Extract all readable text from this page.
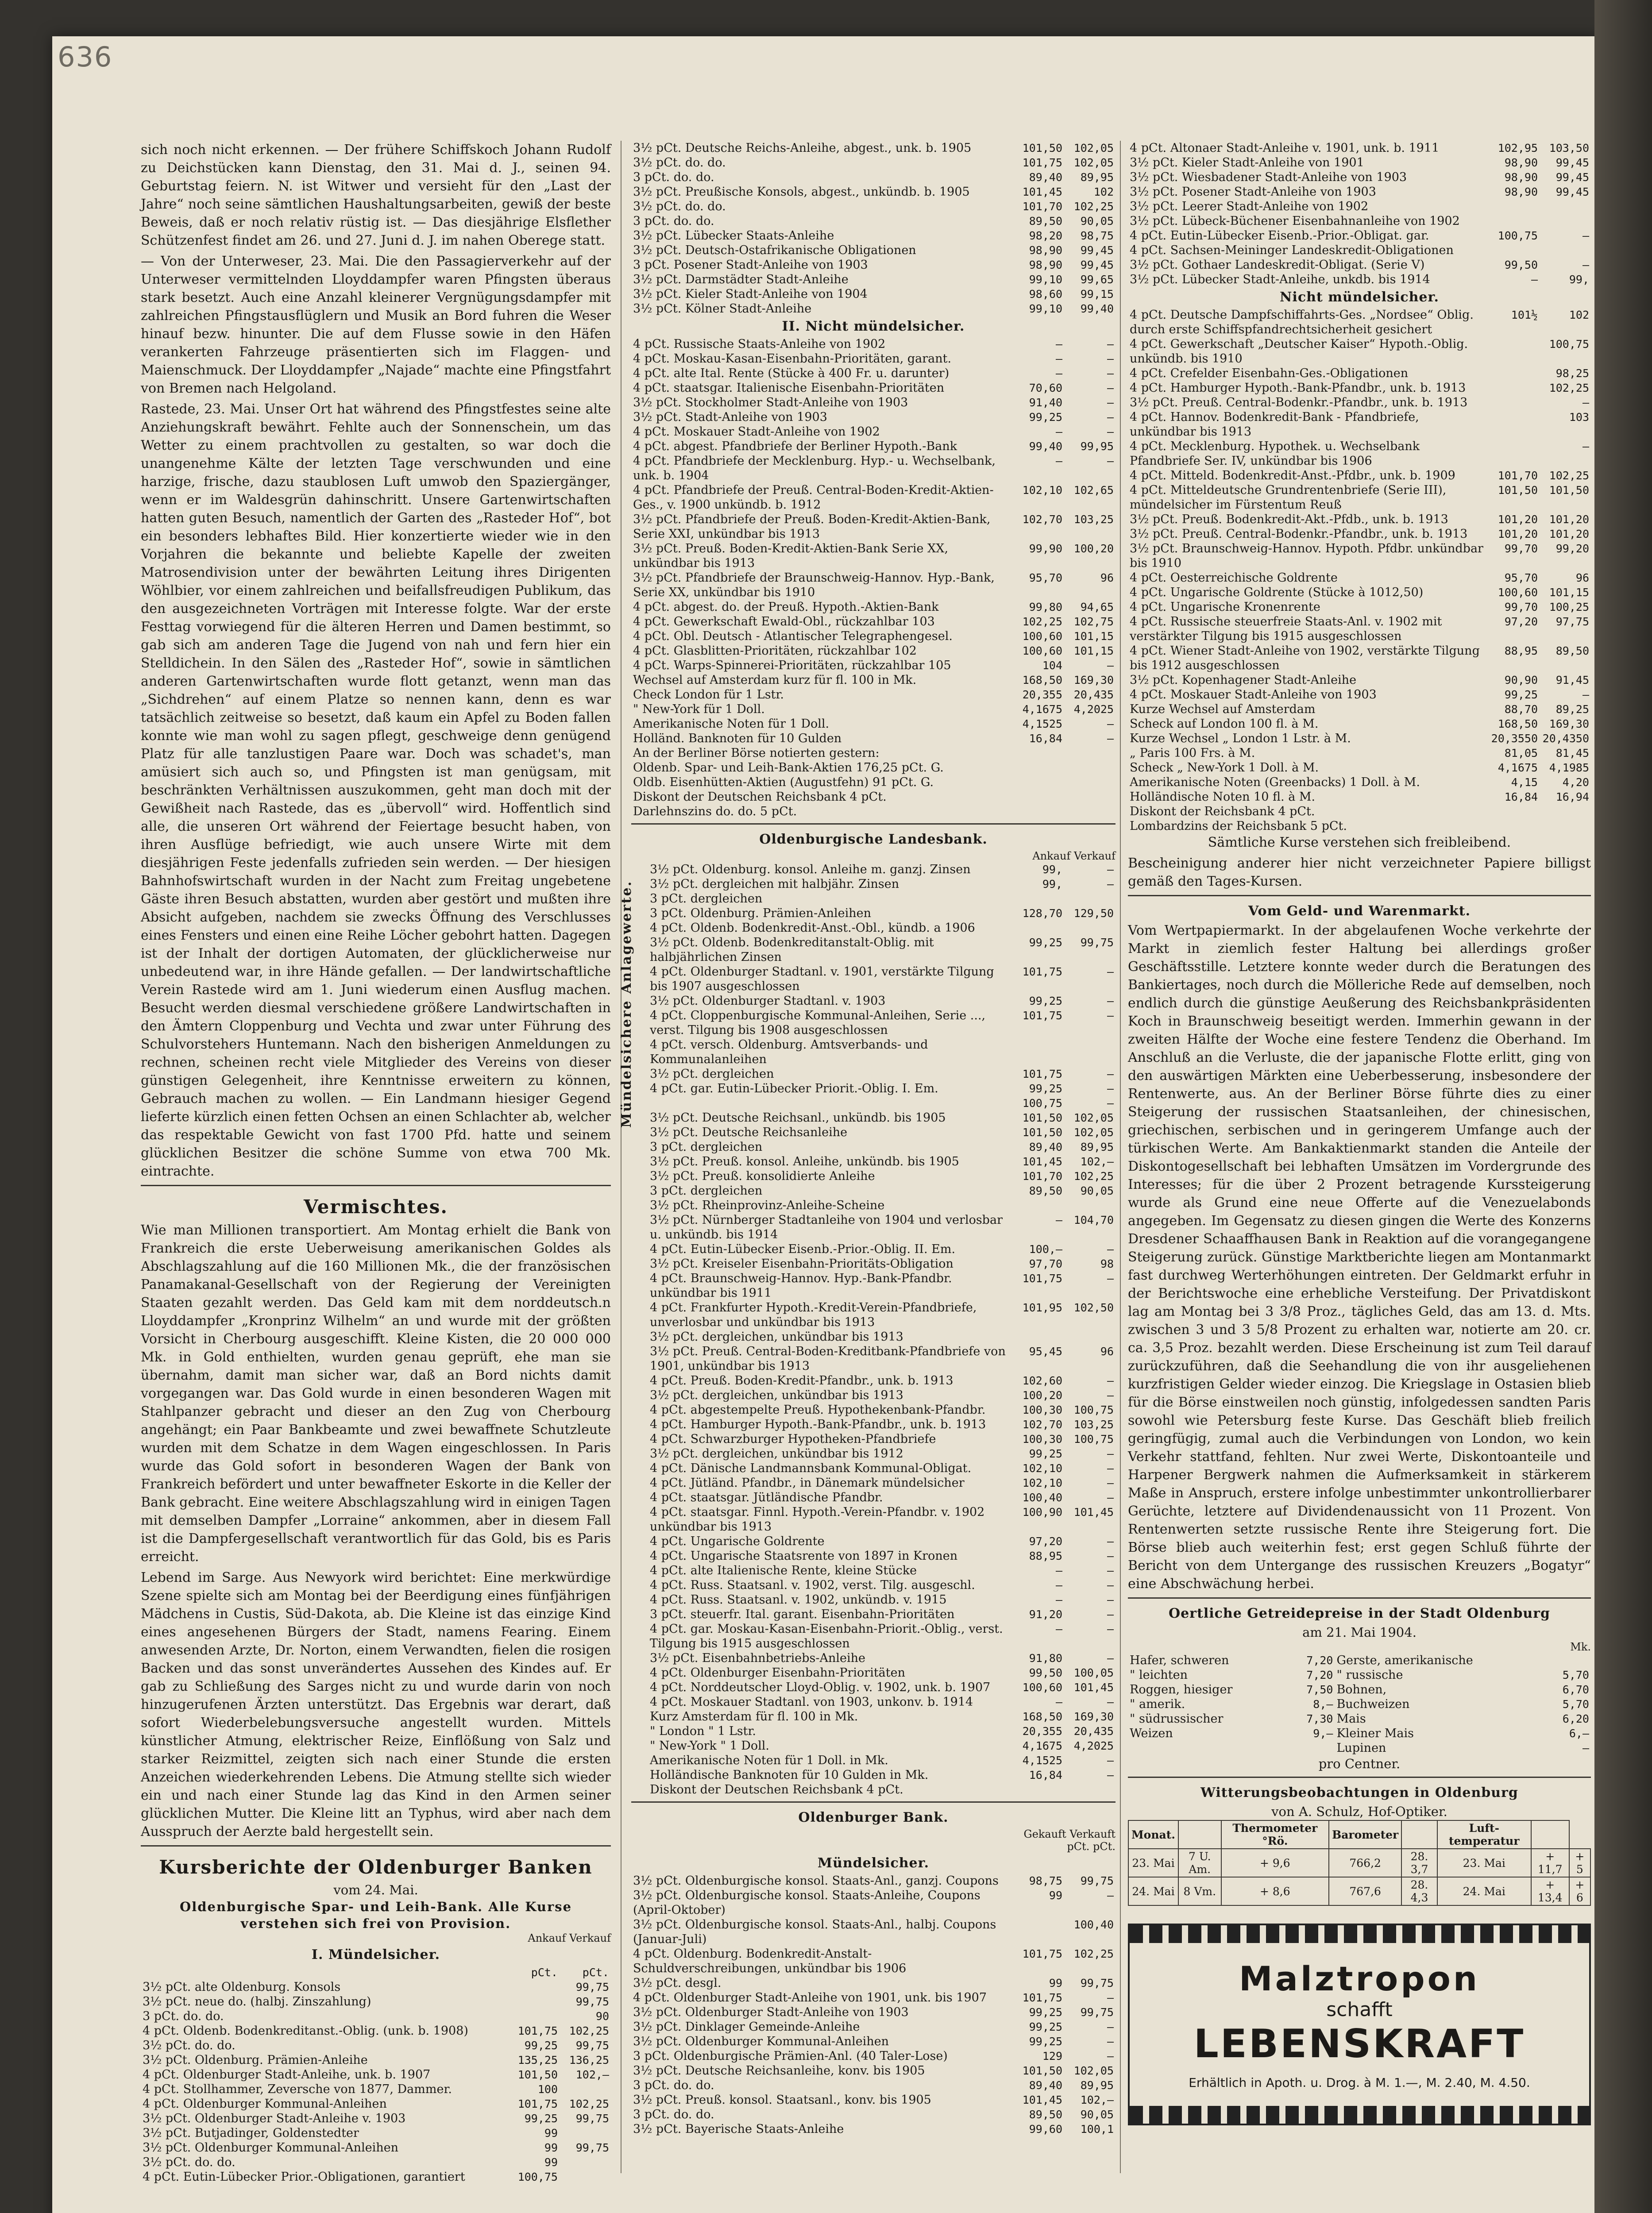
636

sich noch nicht erkennen. — Der frühere Schiffskoch Johann Rudolf zu Deichstücken kann Dienstag, den 31. Mai d. J., seinen 94. Geburtstag feiern. N. ist Witwer und versieht für den „Last der Jahre“ noch seine sämtlichen Haushaltungsarbeiten, gewiß der beste Beweis, daß er noch relativ rüstig ist. — Das diesjährige Elsflether Schützenfest findet am 26. und 27. Juni d. J. im nahen Oberege statt.

— Von der Unterweser, 23. Mai. Die den Passagierverkehr auf der Unterweser vermittelnden Lloyddampfer waren Pfingsten überaus stark besetzt. Auch eine Anzahl kleinerer Vergnügungsdampfer mit zahlreichen Pfingstausflüglern und Musik an Bord fuhren die Weser hinauf bezw. hinunter. Die auf dem Flusse sowie in den Häfen verankerten Fahrzeuge präsentierten sich im Flaggen- und Maienschmuck. Der Lloyddampfer „Najade“ machte eine Pfingstfahrt von Bremen nach Helgoland.

Rastede, 23. Mai. Unser Ort hat während des Pfingstfestes seine alte Anziehungskraft bewährt. Fehlte auch der Sonnenschein, um das Wetter zu einem prachtvollen zu gestalten, so war doch die unangenehme Kälte der letzten Tage verschwunden und eine harzige, frische, dazu staublosen Luft umwob den Spaziergänger, wenn er im Waldesgrün dahinschritt. Unsere Gartenwirtschaften hatten guten Besuch, namentlich der Garten des „Rasteder Hof“, bot ein besonders lebhaftes Bild. Hier konzertierte wieder wie in den Vorjahren die bekannte und beliebte Kapelle der zweiten Matrosendivision unter der bewährten Leitung ihres Dirigenten Wöhlbier, vor einem zahlreichen und beifallsfreudigen Publikum, das den ausgezeichneten Vorträgen mit Interesse folgte. War der erste Festtag vorwiegend für die älteren Herren und Damen bestimmt, so gab sich am anderen Tage die Jugend von nah und fern hier ein Stelldichein. In den Sälen des „Rasteder Hof“, sowie in sämtlichen anderen Gartenwirtschaften wurde flott getanzt, wenn man das „Sichdrehen“ auf einem Platze so nennen kann, denn es war tatsächlich zeitweise so besetzt, daß kaum ein Apfel zu Boden fallen konnte wie man wohl zu sagen pflegt, geschweige denn genügend Platz für alle tanzlustigen Paare war. Doch was schadet's, man amüsiert sich auch so, und Pfingsten ist man genügsam, mit beschränkten Verhältnissen auszukommen, geht man doch mit der Gewißheit nach Rastede, das es „übervoll“ wird. Hoffentlich sind alle, die unseren Ort während der Feiertage besucht haben, von ihren Ausflüge befriedigt, wie auch unsere Wirte mit dem diesjährigen Feste jedenfalls zufrieden sein werden. — Der hiesigen Bahnhofswirtschaft wurden in der Nacht zum Freitag ungebetene Gäste ihren Besuch abstatten, wurden aber gestört und mußten ihre Absicht aufgeben, nachdem sie zwecks Öffnung des Verschlusses eines Fensters und einen eine Reihe Löcher gebohrt hatten. Dagegen ist der Inhalt der dortigen Automaten, der glücklicherweise nur unbedeutend war, in ihre Hände gefallen. — Der landwirtschaftliche Verein Rastede wird am 1. Juni wiederum einen Ausflug machen. Besucht werden diesmal verschiedene größere Landwirtschaften in den Ämtern Cloppenburg und Vechta und zwar unter Führung des Schulvorstehers Huntemann. Nach den bisherigen Anmeldungen zu rechnen, scheinen recht viele Mitglieder des Vereins von dieser günstigen Gelegenheit, ihre Kenntnisse erweitern zu können, Gebrauch machen zu wollen. — Ein Landmann hiesiger Gegend lieferte kürzlich einen fetten Ochsen an einen Schlachter ab, welcher das respektable Gewicht von fast 1700 Pfd. hatte und seinem glücklichen Besitzer die schöne Summe von etwa 700 Mk. eintrachte.

Vermischtes.

Wie man Millionen transportiert. Am Montag erhielt die Bank von Frankreich die erste Ueberweisung amerikanischen Goldes als Abschlagszahlung auf die 160 Millionen Mk., die der französischen Panamakanal-Gesellschaft von der Regierung der Vereinigten Staaten gezahlt werden. Das Geld kam mit dem norddeutsch.n Lloyddampfer „Kronprinz Wilhelm“ an und wurde mit der größten Vorsicht in Cherbourg ausgeschifft. Kleine Kisten, die 20 000 000 Mk. in Gold enthielten, wurden genau geprüft, ehe man sie übernahm, damit man sicher war, daß an Bord nichts damit vorgegangen war. Das Gold wurde in einen besonderen Wagen mit Stahlpanzer gebracht und dieser an den Zug von Cherbourg angehängt; ein Paar Bankbeamte und zwei bewaffnete Schutzleute wurden mit dem Schatze in dem Wagen eingeschlossen. In Paris wurde das Gold sofort in besonderen Wagen der Bank von Frankreich befördert und unter bewaffneter Eskorte in die Keller der Bank gebracht. Eine weitere Abschlagszahlung wird in einigen Tagen mit demselben Dampfer „Lorraine“ ankommen, aber in diesem Fall ist die Dampfergesellschaft verantwortlich für das Gold, bis es Paris erreicht.

Lebend im Sarge. Aus Newyork wird berichtet: Eine merkwürdige Szene spielte sich am Montag bei der Beerdigung eines fünfjährigen Mädchens in Custis, Süd-Dakota, ab. Die Kleine ist das einzige Kind eines angesehenen Bürgers der Stadt, namens Fearing. Einem anwesenden Arzte, Dr. Norton, einem Verwandten, fielen die rosigen Backen und das sonst unverändertes Aussehen des Kindes auf. Er gab zu Schließung des Sarges nicht zu und wurde darin von noch hinzugerufenen Ärzten unterstützt. Das Ergebnis war derart, daß sofort Wiederbelebungsversuche angestellt wurden. Mittels künstlicher Atmung, elektrischer Reize, Einflößung von Salz und starker Reizmittel, zeigten sich nach einer Stunde die ersten Anzeichen wiederkehrenden Lebens. Die Atmung stellte sich wieder ein und nach einer Stunde lag das Kind in den Armen seiner glücklichen Mutter. Die Kleine litt an Typhus, wird aber nach dem Ausspruch der Aerzte bald hergestellt sein.

Kursberichte der Oldenburger Banken
vom 24. Mai.
Oldenburgische Spar- und Leih-Bank. Alle Kurse verstehen sich frei von Provision.
Ankauf Verkauf
I. Mündelsicher.
	pCt.	pCt.
3½ pCt. alte Oldenburg. Konsols		99,75
3½ pCt. neue do. (halbj. Zinszahlung)		99,75
3 pCt. do. do.		90
4 pCt. Oldenb. Bodenkreditanst.-Oblig. (unk. b. 1908)	101,75	102,25
3½ pCt. do. do.	99,25	99,75
3½ pCt. Oldenburg. Prämien-Anleihe	135,25	136,25
4 pCt. Oldenburger Stadt-Anleihe, unk. b. 1907	101,50	102,—
4 pCt. Stollhammer, Zeversche von 1877, Dammer.	100	
4 pCt. Oldenburger Kommunal-Anleihen	101,75	102,25
3½ pCt. Oldenburger Stadt-Anleihe v. 1903	99,25	99,75
3½ pCt. Butjadinger, Goldenstedter	99	
3½ pCt. Oldenburger Kommunal-Anleihen	99	99,75
3½ pCt. do. do.	99	
4 pCt. Eutin-Lübecker Prior.-Obligationen, garantiert	100,75	
3½ pCt. Deutsche Reichs-Anleihe, abgest., unk. b. 1905	101,50	102,05
3½ pCt. do. do.	101,75	102,05
3 pCt. do. do.	89,40	89,95
3½ pCt. Preußische Konsols, abgest., unkündb. b. 1905	101,45	102
3½ pCt. do. do.	101,70	102,25
3 pCt. do. do.	89,50	90,05
3½ pCt. Lübecker Staats-Anleihe	98,20	98,75
3½ pCt. Deutsch-Ostafrikanische Obligationen	98,90	99,45
3 pCt. Posener Stadt-Anleihe von 1903	98,90	99,45
3½ pCt. Darmstädter Stadt-Anleihe	99,10	99,65
3½ pCt. Kieler Stadt-Anleihe von 1904	98,60	99,15
3½ pCt. Kölner Stadt-Anleihe	99,10	99,40
II. Nicht mündelsicher.
4 pCt. Russische Staats-Anleihe von 1902	—	—
4 pCt. Moskau-Kasan-Eisenbahn-Prioritäten, garant.	—	—
4 pCt. alte Ital. Rente (Stücke à 400 Fr. u. darunter)	—	—
4 pCt. staatsgar. Italienische Eisenbahn-Prioritäten	70,60	—
3½ pCt. Stockholmer Stadt-Anleihe von 1903	91,40	—
3½ pCt. Stadt-Anleihe von 1903	99,25	—
4 pCt. Moskauer Stadt-Anleihe von 1902	—	—
4 pCt. abgest. Pfandbriefe der Berliner Hypoth.-Bank	99,40	99,95
4 pCt. Pfandbriefe der Mecklenburg. Hyp.- u. Wechselbank, unk. b. 1904	—	—
4 pCt. Pfandbriefe der Preuß. Central-Boden-Kredit-Aktien-Ges., v. 1900 unkündb. b. 1912	102,10	102,65
3½ pCt. Pfandbriefe der Preuß. Boden-Kredit-Aktien-Bank, Serie XXI, unkündbar bis 1913	102,70	103,25
3½ pCt. Preuß. Boden-Kredit-Aktien-Bank Serie XX, unkündbar bis 1913	99,90	100,20
3½ pCt. Pfandbriefe der Braunschweig-Hannov. Hyp.-Bank, Serie XX, unkündbar bis 1910	95,70	96
4 pCt. abgest. do. der Preuß. Hypoth.-Aktien-Bank	99,80	94,65
4 pCt. Gewerkschaft Ewald-Obl., rückzahlbar 103	102,25	102,75
4 pCt. Obl. Deutsch - Atlantischer Telegraphengesel.	100,60	101,15
4 pCt. Glasblitten-Prioritäten, rückzahlbar 102	100,60	101,15
4 pCt. Warps-Spinnerei-Prioritäten, rückzahlbar 105	104	—
Wechsel auf Amsterdam kurz für fl. 100 in Mk.	168,50	169,30
Check London für 1 Lstr.	20,355	20,435
" New-York für 1 Doll.	4,1675	4,2025
Amerikanische Noten für 1 Doll.	4,1525	—
Holländ. Banknoten für 10 Gulden	16,84	—
An der Berliner Börse notierten gestern:		
Oldenb. Spar- und Leih-Bank-Aktien 176,25 pCt. G.		
Oldb. Eisenhütten-Aktien (Augustfehn) 91 pCt. G.		
Diskont der Deutschen Reichsbank 4 pCt.		
Darlehnszins do. do. 5 pCt.		
Oldenburgische Landesbank.
Ankauf Verkauf
Mündelsichere Anlagewerte.
3½ pCt. Oldenburg. konsol. Anleihe m. ganzj. Zinsen	99,	—
3½ pCt. dergleichen mit halbjähr. Zinsen	99,	—
3 pCt. dergleichen		
3 pCt. Oldenburg. Prämien-Anleihen	128,70	129,50
4 pCt. Oldenb. Bodenkredit-Anst.-Obl., kündb. a 1906		
3½ pCt. Oldenb. Bodenkreditanstalt-Oblig. mit halbjährlichen Zinsen	99,25	99,75
4 pCt. Oldenburger Stadtanl. v. 1901, verstärkte Tilgung bis 1907 ausgeschlossen	101,75	—
3½ pCt. Oldenburger Stadtanl. v. 1903	99,25	—
4 pCt. Cloppenburgische Kommunal-Anleihen, Serie ..., verst. Tilgung bis 1908 ausgeschlossen	101,75	—
4 pCt. versch. Oldenburg. Amtsverbands- und Kommunalanleihen		
3½ pCt. dergleichen	101,75	—
4 pCt. gar. Eutin-Lübecker Priorit.-Oblig. I. Em.	99,25	—
	100,75	—
3½ pCt. Deutsche Reichsanl., unkündb. bis 1905	101,50	102,05
3½ pCt. Deutsche Reichsanleihe	101,50	102,05
3 pCt. dergleichen	89,40	89,95
3½ pCt. Preuß. konsol. Anleihe, unkündb. bis 1905	101,45	102,—
3½ pCt. Preuß. konsolidierte Anleihe	101,70	102,25
3 pCt. dergleichen	89,50	90,05
3½ pCt. Rheinprovinz-Anleihe-Scheine		
3½ pCt. Nürnberger Stadtanleihe von 1904 und verlosbar u. unkündb. bis 1914	—	104,70
4 pCt. Eutin-Lübecker Eisenb.-Prior.-Oblig. II. Em.	100,—	—
3½ pCt. Kreiseler Eisenbahn-Prioritäts-Obligation	97,70	98
4 pCt. Braunschweig-Hannov. Hyp.-Bank-Pfandbr. unkündbar bis 1911	101,75	—
4 pCt. Frankfurter Hypoth.-Kredit-Verein-Pfandbriefe, unverlosbar und unkündbar bis 1913	101,95	102,50
3½ pCt. dergleichen, unkündbar bis 1913		
3½ pCt. Preuß. Central-Boden-Kreditbank-Pfandbriefe von 1901, unkündbar bis 1913	95,45	96
4 pCt. Preuß. Boden-Kredit-Pfandbr., unk. b. 1913	102,60	—
3½ pCt. dergleichen, unkündbar bis 1913	100,20	—
4 pCt. abgestempelte Preuß. Hypothekenbank-Pfandbr.	100,30	100,75
4 pCt. Hamburger Hypoth.-Bank-Pfandbr., unk. b. 1913	102,70	103,25
4 pCt. Schwarzburger Hypotheken-Pfandbriefe	100,30	100,75
3½ pCt. dergleichen, unkündbar bis 1912	99,25	—
4 pCt. Dänische Landmannsbank Kommunal-Obligat.	102,10	—
4 pCt. Jütländ. Pfandbr., in Dänemark mündelsicher	102,10	—
4 pCt. staatsgar. Jütländische Pfandbr.	100,40	—
4 pCt. staatsgar. Finnl. Hypoth.-Verein-Pfandbr. v. 1902 unkündbar bis 1913	100,90	101,45
4 pCt. Ungarische Goldrente	97,20	—
4 pCt. Ungarische Staatsrente von 1897 in Kronen	88,95	—
4 pCt. alte Italienische Rente, kleine Stücke	—	—
4 pCt. Russ. Staatsanl. v. 1902, verst. Tilg. ausgeschl.	—	—
4 pCt. Russ. Staatsanl. v. 1902, unkündb. v. 1915	—	—
3 pCt. steuerfr. Ital. garant. Eisenbahn-Prioritäten	91,20	—
4 pCt. gar. Moskau-Kasan-Eisenbahn-Priorit.-Oblig., verst. Tilgung bis 1915 ausgeschlossen	—	—
3½ pCt. Eisenbahnbetriebs-Anleihe	91,80	—
4 pCt. Oldenburger Eisenbahn-Prioritäten	99,50	100,05
4 pCt. Norddeutscher Lloyd-Oblig. v. 1902, unk. b. 1907	100,60	101,45
4 pCt. Moskauer Stadtanl. von 1903, unkonv. b. 1914	—	—
Kurz Amsterdam für fl. 100 in Mk.	168,50	169,30
" London " 1 Lstr.	20,355	20,435
" New-York " 1 Doll.	4,1675	4,2025
Amerikanische Noten für 1 Doll. in Mk.	4,1525	—
Holländische Banknoten für 10 Gulden in Mk.	16,84	—
Diskont der Deutschen Reichsbank 4 pCt.		
Oldenburger Bank.
Gekauft Verkauft
pCt. pCt.
Mündelsicher.
3½ pCt. Oldenburgische konsol. Staats-Anl., ganzj. Coupons	98,75	99,75
3½ pCt. Oldenburgische konsol. Staats-Anleihe, Coupons (April-Oktober)	99	—
3½ pCt. Oldenburgische konsol. Staats-Anl., halbj. Coupons (Januar-Juli)		100,40
4 pCt. Oldenburg. Bodenkredit-Anstalt-Schuldverschreibungen, unkündbar bis 1906	101,75	102,25
3½ pCt. desgl.	99	99,75
4 pCt. Oldenburger Stadt-Anleihe von 1901, unk. bis 1907	101,75	—
3½ pCt. Oldenburger Stadt-Anleihe von 1903	99,25	99,75
3½ pCt. Dinklager Gemeinde-Anleihe	99,25	—
3½ pCt. Oldenburger Kommunal-Anleihen	99,25	—
3 pCt. Oldenburgische Prämien-Anl. (40 Taler-Lose)	129	—
3½ pCt. Deutsche Reichsanleihe, konv. bis 1905	101,50	102,05
3 pCt. do. do.	89,40	89,95
3½ pCt. Preuß. konsol. Staatsanl., konv. bis 1905	101,45	102,—
3 pCt. do. do.	89,50	90,05
3½ pCt. Bayerische Staats-Anleihe	99,60	100,1
4 pCt. Altonaer Stadt-Anleihe v. 1901, unk. b. 1911	102,95	103,50
3½ pCt. Kieler Stadt-Anleihe von 1901	98,90	99,45
3½ pCt. Wiesbadener Stadt-Anleihe von 1903	98,90	99,45
3½ pCt. Posener Stadt-Anleihe von 1903	98,90	99,45
3½ pCt. Leerer Stadt-Anleihe von 1902		
3½ pCt. Lübeck-Büchener Eisenbahnanleihe von 1902		
4 pCt. Eutin-Lübecker Eisenb.-Prior.-Obligat. gar.	100,75	—
4 pCt. Sachsen-Meininger Landeskredit-Obligationen		
3½ pCt. Gothaer Landeskredit-Obligat. (Serie V)	99,50	—
3½ pCt. Lübecker Stadt-Anleihe, unkdb. bis 1914	—	99,
Nicht mündelsicher.
4 pCt. Deutsche Dampfschiffahrts-Ges. „Nordsee“ Oblig. durch erste Schiffspfandrechtsicherheit gesichert	101½	102
4 pCt. Gewerkschaft „Deutscher Kaiser“ Hypoth.-Oblig. unkündb. bis 1910		100,75
4 pCt. Crefelder Eisenbahn-Ges.-Obligationen		98,25
4 pCt. Hamburger Hypoth.-Bank-Pfandbr., unk. b. 1913		102,25
3½ pCt. Preuß. Central-Bodenkr.-Pfandbr., unk. b. 1913		—
4 pCt. Hannov. Bodenkredit-Bank - Pfandbriefe, unkündbar bis 1913		103
4 pCt. Mecklenburg. Hypothek. u. Wechselbank Pfandbriefe Ser. IV, unkündbar bis 1906		—
4 pCt. Mitteld. Bodenkredit-Anst.-Pfdbr., unk. b. 1909	101,70	102,25
4 pCt. Mitteldeutsche Grundrentenbriefe (Serie III), mündelsicher im Fürstentum Reuß	101,50	101,50
3½ pCt. Preuß. Bodenkredit-Akt.-Pfdb., unk. b. 1913	101,20	101,20
3½ pCt. Preuß. Central-Bodenkr.-Pfandbr., unk. b. 1913	101,20	101,20
3½ pCt. Braunschweig-Hannov. Hypoth. Pfdbr. unkündbar bis 1910	99,70	99,20
4 pCt. Oesterreichische Goldrente	95,70	96
4 pCt. Ungarische Goldrente (Stücke à 1012,50)	100,60	101,15
4 pCt. Ungarische Kronenrente	99,70	100,25
4 pCt. Russische steuerfreie Staats-Anl. v. 1902 mit verstärkter Tilgung bis 1915 ausgeschlossen	97,20	97,75
4 pCt. Wiener Stadt-Anleihe von 1902, verstärkte Tilgung bis 1912 ausgeschlossen	88,95	89,50
3½ pCt. Kopenhagener Stadt-Anleihe	90,90	91,45
4 pCt. Moskauer Stadt-Anleihe von 1903	99,25	—
Kurze Wechsel auf Amsterdam	88,70	89,25
Scheck auf London 100 fl. à M.	168,50	169,30
Kurze Wechsel „ London 1 Lstr. à M.	20,3550	20,4350
„ Paris 100 Frs. à M.	81,05	81,45
Scheck „ New-York 1 Doll. à M.	4,1675	4,1985
Amerikanische Noten (Greenbacks) 1 Doll. à M.	4,15	4,20
Holländische Noten 10 fl. à M.	16,84	16,94
Diskont der Reichsbank 4 pCt.		
Lombardzins der Reichsbank 5 pCt.		

Sämtliche Kurse verstehen sich freibleibend.

Bescheinigung anderer hier nicht verzeichneter Papiere billigst gemäß den Tages-Kursen.

Vom Geld- und Warenmarkt.

Vom Wertpapiermarkt. In der abgelaufenen Woche verkehrte der Markt in ziemlich fester Haltung bei allerdings großer Geschäftsstille. Letztere konnte weder durch die Beratungen des Bankiertages, noch durch die Mölleriche Rede auf demselben, noch endlich durch die günstige Aeußerung des Reichsbankpräsidenten Koch in Braunschweig beseitigt werden. Immerhin gewann in der zweiten Hälfte der Woche eine festere Tendenz die Oberhand. Im Anschluß an die Verluste, die der japanische Flotte erlitt, ging von den auswärtigen Märkten eine Ueberbesserung, insbesondere der Rentenwerte, aus. An der Berliner Börse führte dies zu einer Steigerung der russischen Staatsanleihen, der chinesischen, griechischen, serbischen und in geringerem Umfange auch der türkischen Werte. Am Bankaktienmarkt standen die Anteile der Diskontogesellschaft bei lebhaften Umsätzen im Vordergrunde des Interesses; für die über 2 Prozent betragende Kurssteigerung wurde als Grund eine neue Offerte auf die Venezuelabonds angegeben. Im Gegensatz zu diesen gingen die Werte des Konzerns Dresdener Schaaffhausen Bank in Reaktion auf die vorangegangene Steigerung zurück. Günstige Marktberichte liegen am Montanmarkt fast durchweg Werterhöhungen eintreten. Der Geldmarkt erfuhr in der Berichtswoche eine erhebliche Versteifung. Der Privatdiskont lag am Montag bei 3 3/8 Proz., tägliches Geld, das am 13. d. Mts. zwischen 3 und 3 5/8 Prozent zu erhalten war, notierte am 20. cr. ca. 3,5 Proz. bezahlt werden. Diese Erscheinung ist zum Teil darauf zurückzuführen, daß die Seehandlung die von ihr ausgeliehenen kurzfristigen Gelder wieder einzog. Die Kriegslage in Ostasien blieb für die Börse einstweilen noch günstig, infolgedessen sandten Paris sowohl wie Petersburg feste Kurse. Das Geschäft blieb freilich geringfügig, zumal auch die Verbindungen von London, wo kein Verkehr stattfand, fehlten. Nur zwei Werte, Diskontoanteile und Harpener Bergwerk nahmen die Aufmerksamkeit in stärkerem Maße in Anspruch, erstere infolge unbestimmter unkontrollierbarer Gerüchte, letztere auf Dividendenaussicht von 11 Prozent. Von Rentenwerten setzte russische Rente ihre Steigerung fort. Die Börse blieb auch weiterhin fest; erst gegen Schluß führte der Bericht von dem Untergange des russischen Kreuzers „Bogatyr“ eine Abschwächung herbei.

Oertliche Getreidepreise in der Stadt Oldenburg
am 21. Mai 1904.
Mk.
Hafer, schweren	7,20	Gerste, amerikanische	
" leichten	7,20	" russische	5,70
Roggen, hiesiger	7,50	Bohnen,	6,70
" amerik.	8,—	Buchweizen	5,70
" südrussischer	7,30	Mais	6,20
Weizen	9,—	Kleiner Mais	6,—
		Lupinen	—
pro Centner.
Witterungsbeobachtungen in Oldenburg
von A. Schulz, Hof-Optiker.
Monat.		Thermometer °Rö.	Barometer		Luft-temperatur		
23. Mai	7 U. Am.	+ 9,6	766,2	28. 3,7	23. Mai	+ 11,7	+ 5
24. Mai	8 Vm.	+ 8,6	767,6	28. 4,3	24. Mai	+ 13,4	+ 6
Malztropon
schafft
LEBENSKRAFT
Erhältlich in Apoth. u. Drog. à M. 1.—, M. 2.40, M. 4.50.
